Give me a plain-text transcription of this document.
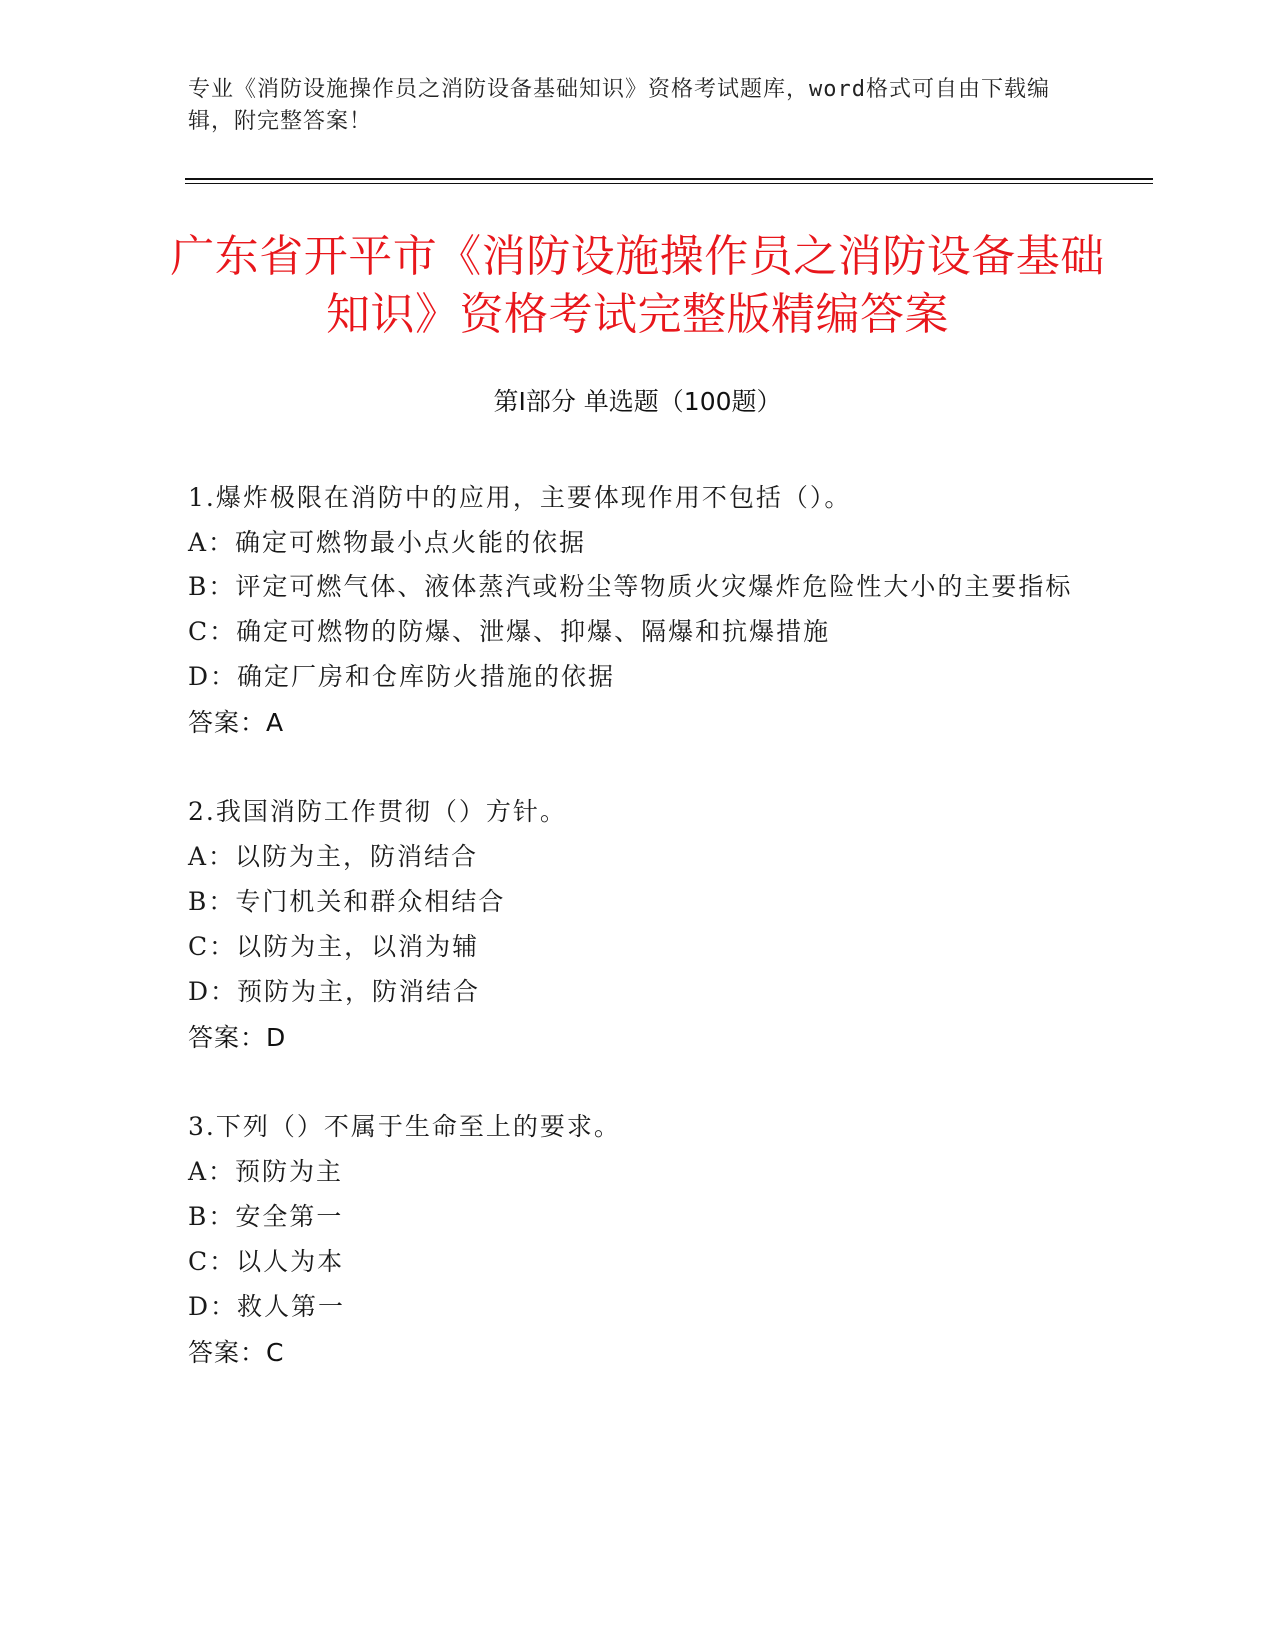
专业《消防设施操作员之消防设备基础知识》资格考试题库，word格式可自由下载编辑，附完整答案！
广东省开平市《消防设施操作员之消防设备基础知识》资格考试完整版精编答案
第Ⅰ部分 单选题（100题）
1.爆炸极限在消防中的应用，主要体现作用不包括（）。
A：确定可燃物最小点火能的依据
B：评定可燃气体、液体蒸汽或粉尘等物质火灾爆炸危险性大小的主要指标
C：确定可燃物的防爆、泄爆、抑爆、隔爆和抗爆措施
D：确定厂房和仓库防火措施的依据
答案：A
2.我国消防工作贯彻（）方针。
A：以防为主，防消结合
B：专门机关和群众相结合
C：以防为主，以消为辅
D：预防为主，防消结合
答案：D
3.下列（）不属于生命至上的要求。
A：预防为主
B：安全第一
C：以人为本
D：救人第一
答案：C
